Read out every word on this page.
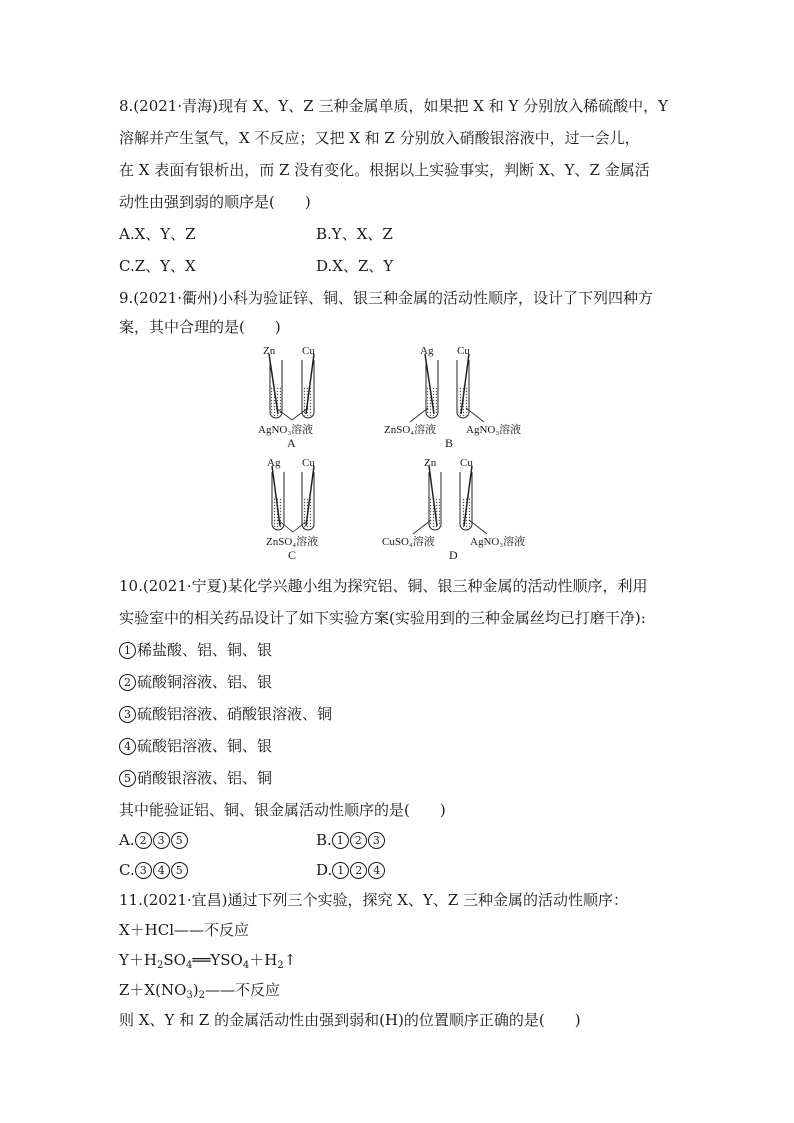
8.(2021·青海)现有 X、Y、Z 三种金属单质，如果把 X 和 Y 分别放入稀硫酸中，Y
溶解并产生氢气，X 不反应；又把 X 和 Z 分别放入硝酸银溶液中，过一会儿，
在 X 表面有银析出，而 Z 没有变化。根据以上实验事实，判断 X、Y、Z 金属活
动性由强到弱的顺序是(　　)
A.X、Y、Z	B.Y、X、Z
C.Z、Y、X	D.X、Z、Y
9.(2021·衢州)小科为验证锌、铜、银三种金属的活动性顺序，设计了下列四种方
案，其中合理的是(　　)
Zn Cu
AgNO₃溶液
A
Ag Cu
ZnSO₄溶液	AgNO₃溶液
B
Ag Cu
ZnSO₄溶液
C
Zn Cu
CuSO₄溶液	AgNO₃溶液
D
10.(2021·宁夏)某化学兴趣小组为探究铝、铜、银三种金属的活动性顺序，利用
实验室中的相关药品设计了如下实验方案(实验用到的三种金属丝均已打磨干净):
1 稀盐酸、铝、铜、银
2 硫酸铜溶液、铝、银
3 硫酸铝溶液、硝酸银溶液、铜
4 硫酸铝溶液、铜、银
5 硝酸银溶液、铝、铜
其中能验证铝、铜、银金属活动性顺序的是(　　)
A. 2 3 5	B. 1 2 3
C. 3 4 5	D. 1 2 4
11.(2021·宜昌)通过下列三个实验，探究 X、Y、Z 三种金属的活动性顺序：
X＋HCl——不反应
$Y+H_2SO_4══YSO_4+H_2↑$
$Z+X(NO_3)_2——$不反应
则 X、Y 和 Z 的金属活动性由强到弱和(H)的位置顺序正确的是(　　)
